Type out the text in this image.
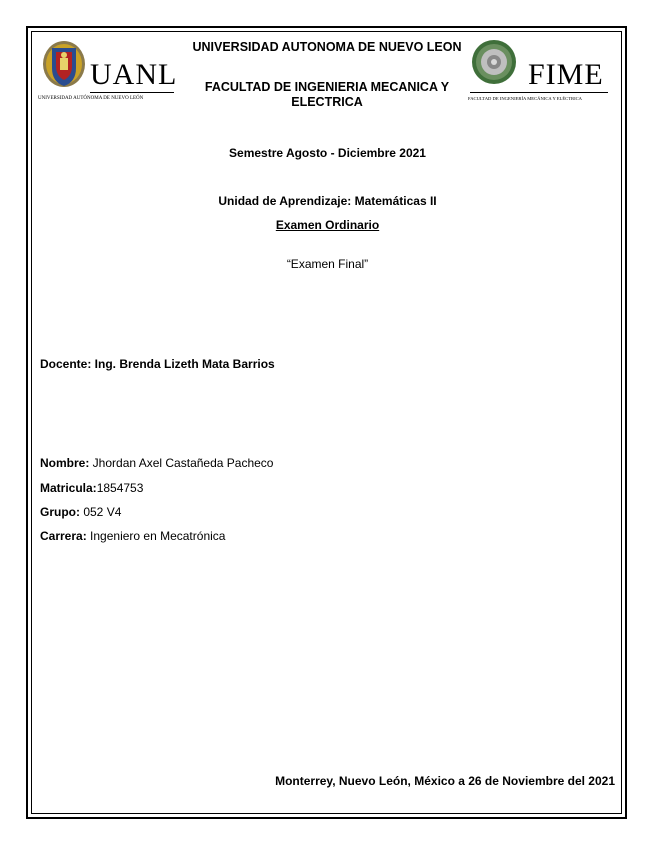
UANL
UNIVERSIDAD AUTÓNOMA DE NUEVO LEÓN
UNIVERSIDAD AUTONOMA DE NUEVO LEON
FACULTAD DE INGENIERIA MECANICA Y ELECTRICA
FIME
FACULTAD DE INGENIERÍA MECÁNICA Y ELÉCTRICA
Semestre Agosto - Diciembre 2021
Unidad de Aprendizaje: Matemáticas II
Examen Ordinario
“Examen Final”
Docente: Ing. Brenda Lizeth Mata Barrios
Nombre: Jhordan Axel Castañeda Pacheco
Matricula:1854753
Grupo: 052 V4
Carrera: Ingeniero en Mecatrónica
Monterrey, Nuevo León, México a 26 de Noviembre del 2021
